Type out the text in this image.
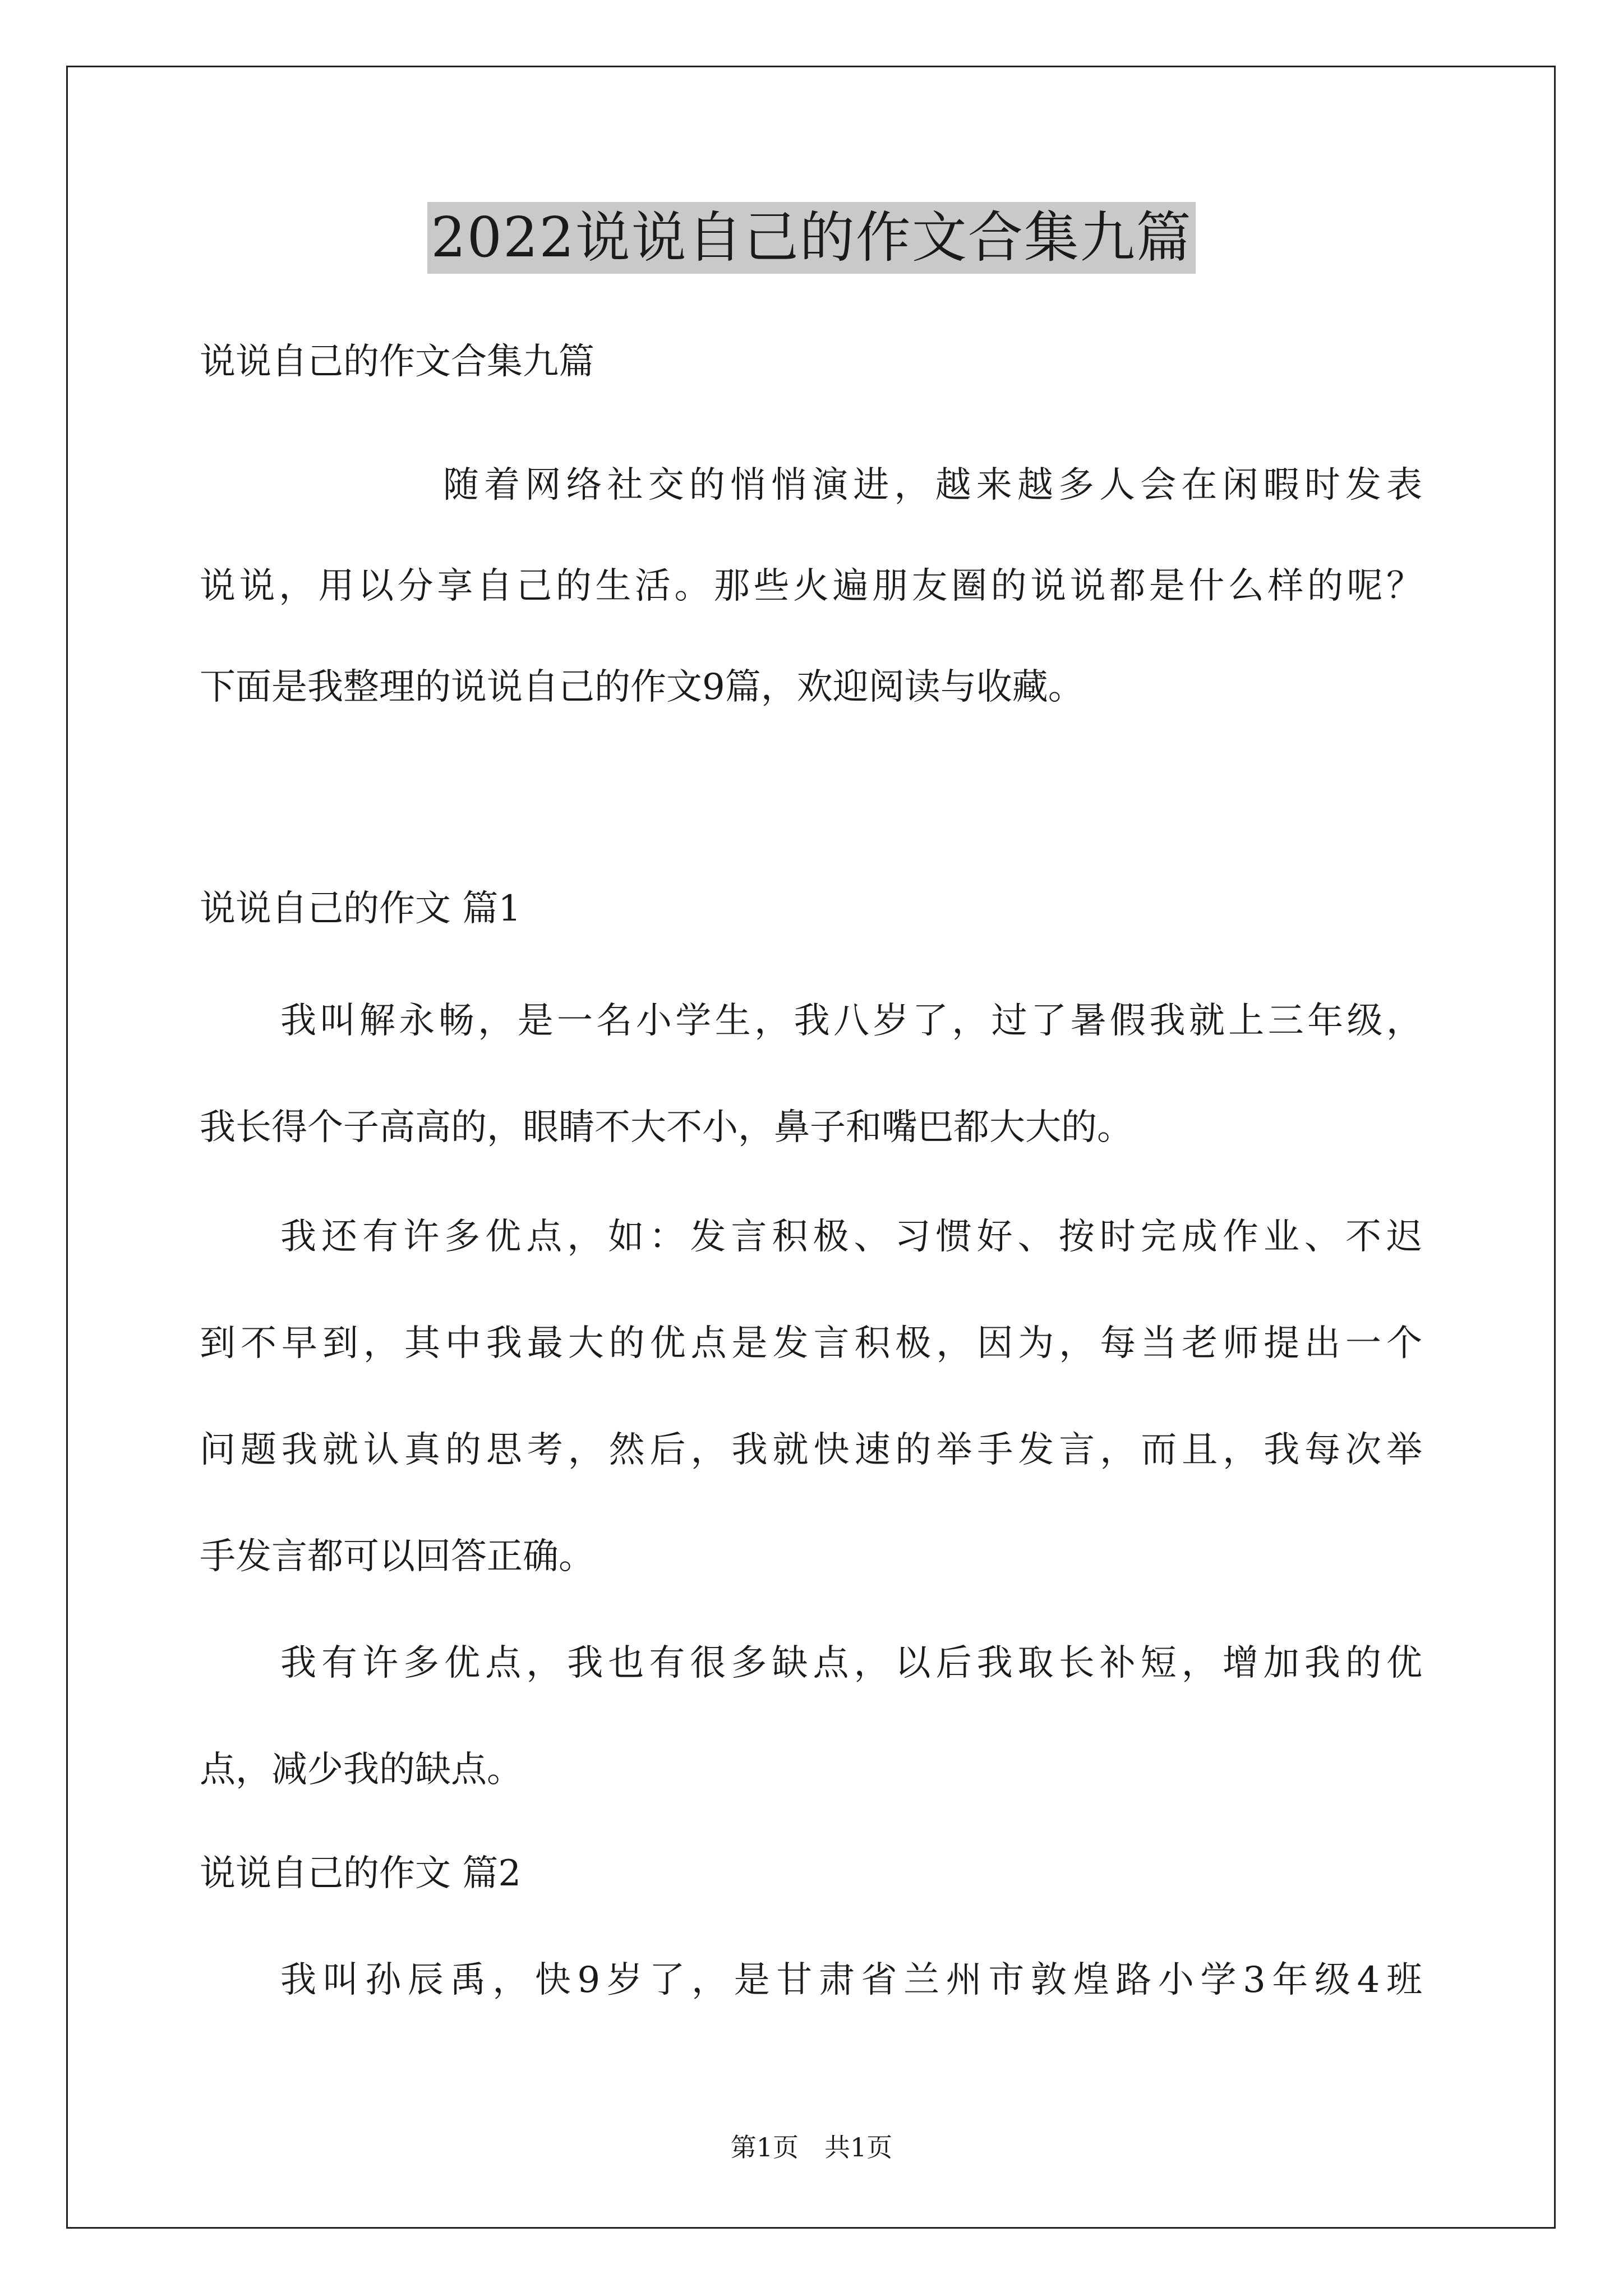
2022说说自己的作文合集九篇
说说自己的作文合集九篇
随着网络社交的悄悄演进，越来越多人会在闲暇时发表
说说，用以分享自己的生活。那些火遍朋友圈的说说都是什么样的呢？
下面是我整理的说说自己的作文9篇，欢迎阅读与收藏。
说说自己的作文 篇1
我叫解永畅，是一名小学生，我八岁了，过了暑假我就上三年级，
我长得个子高高的，眼睛不大不小，鼻子和嘴巴都大大的。
我还有许多优点，如：发言积极、习惯好、按时完成作业、不迟
到不早到，其中我最大的优点是发言积极，因为，每当老师提出一个
问题我就认真的思考，然后，我就快速的举手发言，而且，我每次举
手发言都可以回答正确。
我有许多优点，我也有很多缺点，以后我取长补短，增加我的优
点，减少我的缺点。
说说自己的作文 篇2
我叫孙辰禹，快9岁了，是甘肃省兰州市敦煌路小学3年级4班
第1页　共1页
